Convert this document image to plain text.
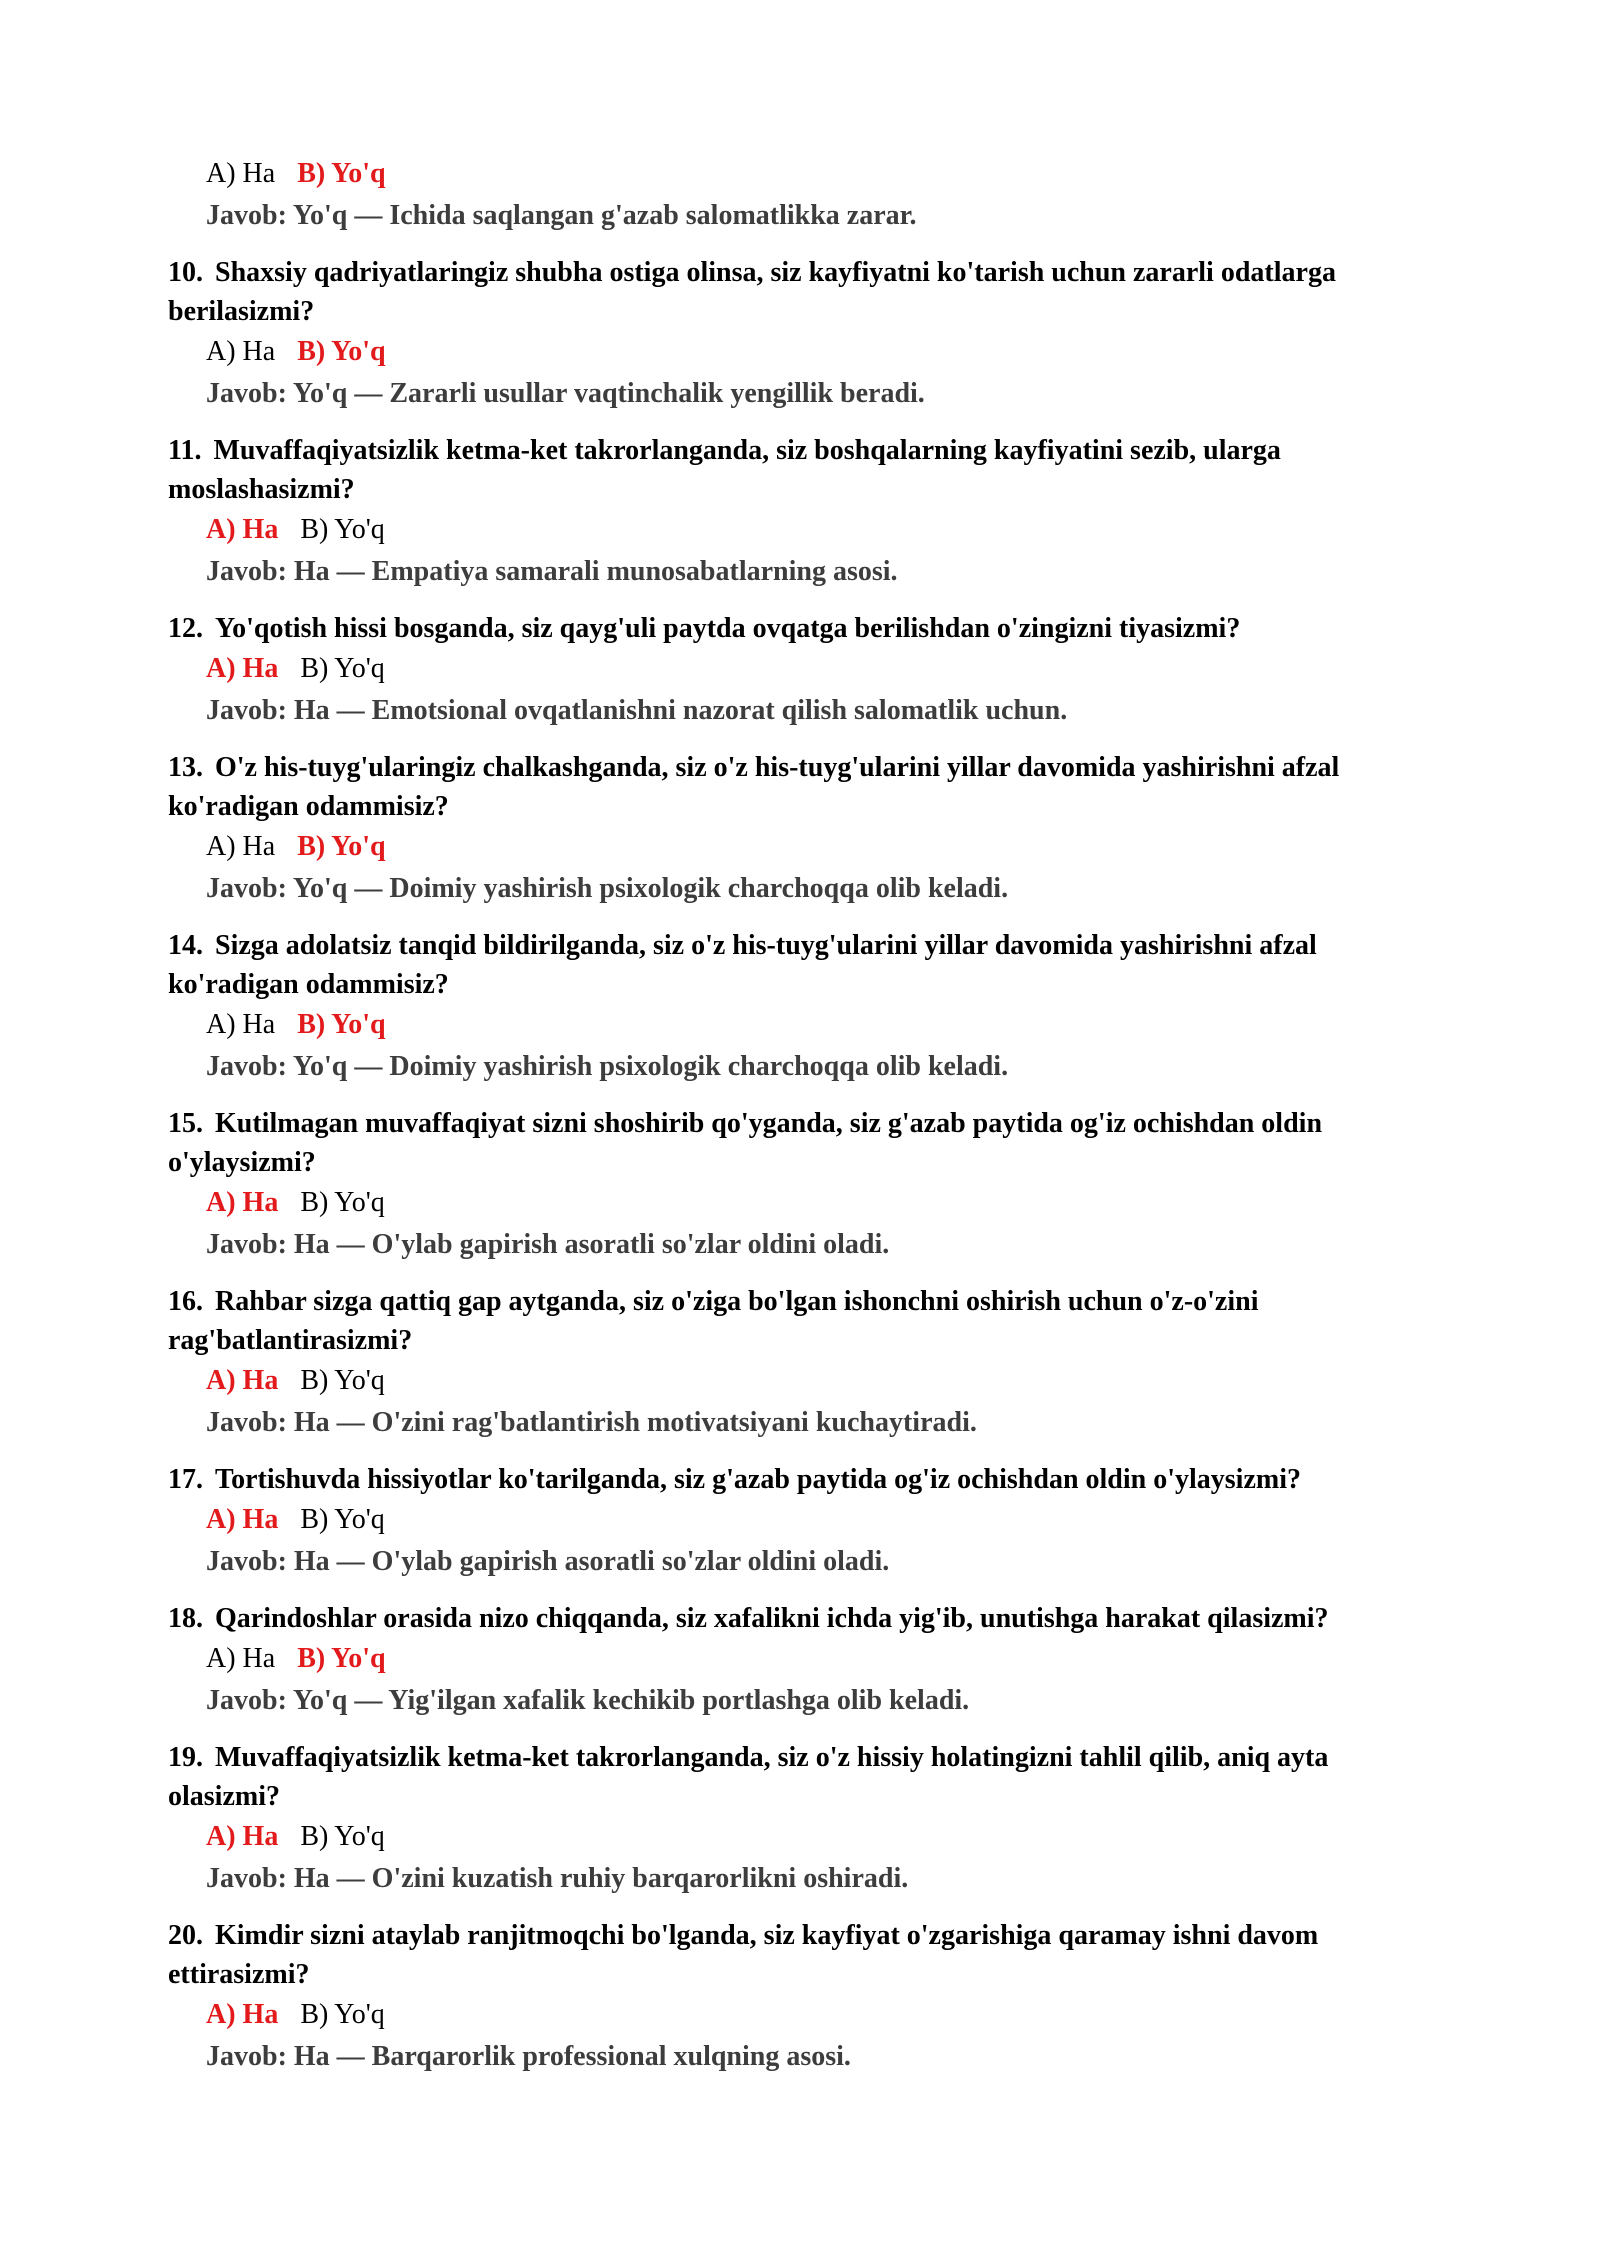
A) Ha B) Yo'q
Javob: Yo'q — Ichida saqlangan g'azab salomatlikka zarar.
10. Shaxsiy qadriyatlaringiz shubha ostiga olinsa, siz kayfiyatni ko'tarish uchun zararli odatlarga berilasizmi?
A) Ha B) Yo'q
Javob: Yo'q — Zararli usullar vaqtinchalik yengillik beradi.
11. Muvaffaqiyatsizlik ketma-ket takrorlanganda, siz boshqalarning kayfiyatini sezib, ularga moslashasizmi?
A) Ha B) Yo'q
Javob: Ha — Empatiya samarali munosabatlarning asosi.
12. Yo'qotish hissi bosganda, siz qayg'uli paytda ovqatga berilishdan o'zingizni tiyasizmi?
A) Ha B) Yo'q
Javob: Ha — Emotsional ovqatlanishni nazorat qilish salomatlik uchun.
13. O'z his-tuyg'ularingiz chalkashganda, siz o'z his-tuyg'ularini yillar davomida yashirishni afzal ko'radigan odammisiz?
A) Ha B) Yo'q
Javob: Yo'q — Doimiy yashirish psixologik charchoqqa olib keladi.
14. Sizga adolatsiz tanqid bildirilganda, siz o'z his-tuyg'ularini yillar davomida yashirishni afzal ko'radigan odammisiz?
A) Ha B) Yo'q
Javob: Yo'q — Doimiy yashirish psixologik charchoqqa olib keladi.
15. Kutilmagan muvaffaqiyat sizni shoshirib qo'yganda, siz g'azab paytida og'iz ochishdan oldin o'ylaysizmi?
A) Ha B) Yo'q
Javob: Ha — O'ylab gapirish asoratli so'zlar oldini oladi.
16. Rahbar sizga qattiq gap aytganda, siz o'ziga bo'lgan ishonchni oshirish uchun o'z-o'zini rag'batlantirasizmi?
A) Ha B) Yo'q
Javob: Ha — O'zini rag'batlantirish motivatsiyani kuchaytiradi.
17. Tortishuvda hissiyotlar ko'tarilganda, siz g'azab paytida og'iz ochishdan oldin o'ylaysizmi?
A) Ha B) Yo'q
Javob: Ha — O'ylab gapirish asoratli so'zlar oldini oladi.
18. Qarindoshlar orasida nizo chiqqanda, siz xafalikni ichda yig'ib, unutishga harakat qilasizmi?
A) Ha B) Yo'q
Javob: Yo'q — Yig'ilgan xafalik kechikib portlashga olib keladi.
19. Muvaffaqiyatsizlik ketma-ket takrorlanganda, siz o'z hissiy holatingizni tahlil qilib, aniq ayta olasizmi?
A) Ha B) Yo'q
Javob: Ha — O'zini kuzatish ruhiy barqarorlikni oshiradi.
20. Kimdir sizni ataylab ranjitmoqchi bo'lganda, siz kayfiyat o'zgarishiga qaramay ishni davom ettirasizmi?
A) Ha B) Yo'q
Javob: Ha — Barqarorlik professional xulqning asosi.
